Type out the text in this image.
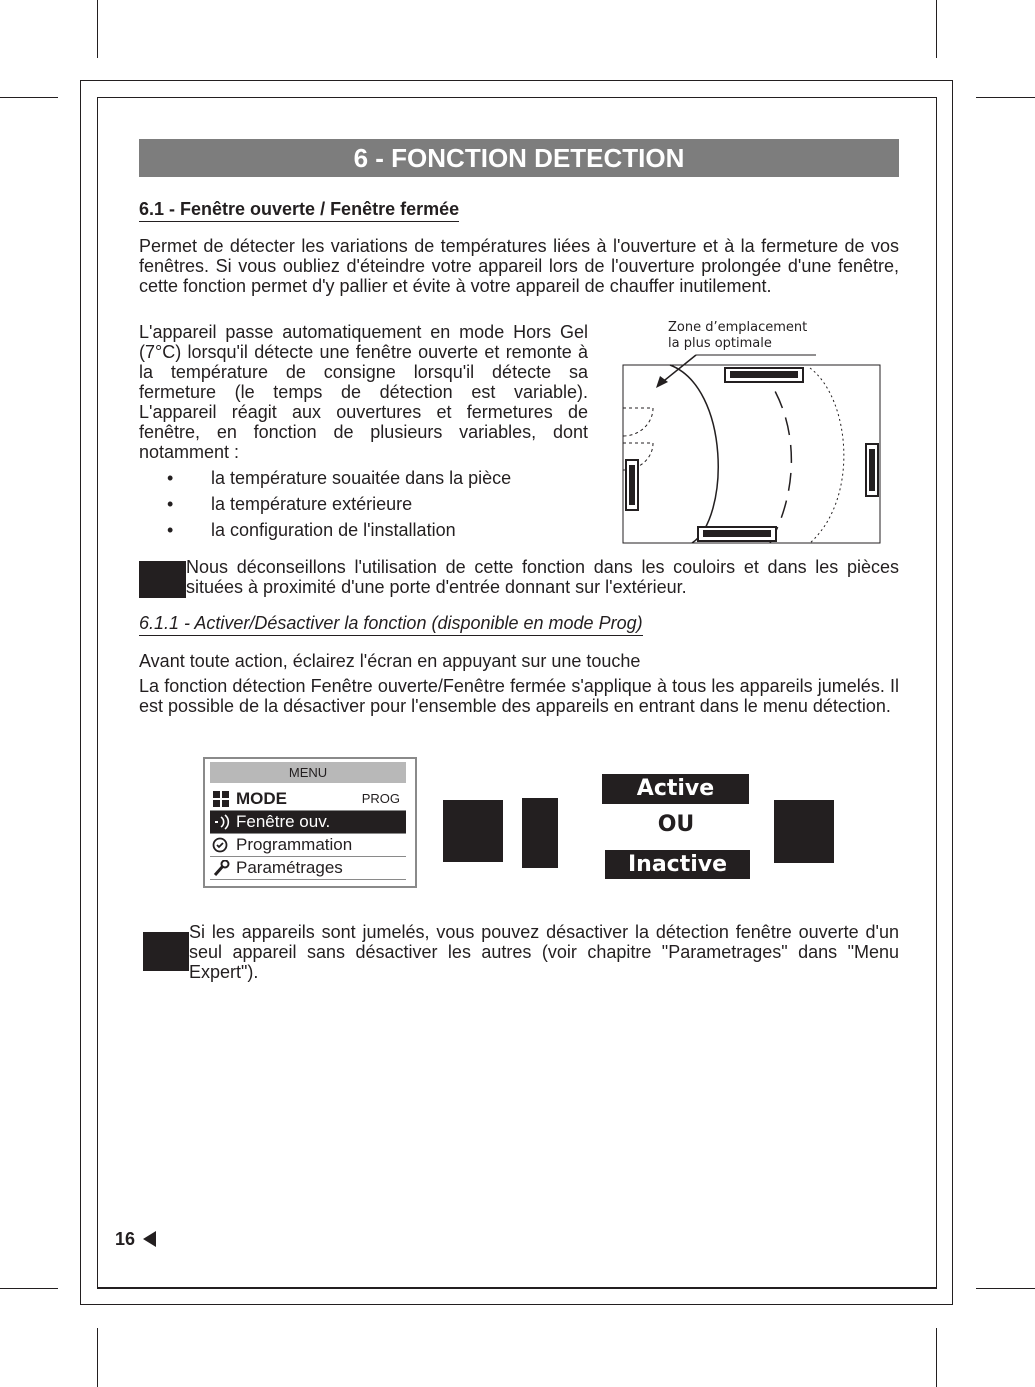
6 - FONCTION DETECTION
6.1 - Fenêtre ouverte / Fenêtre fermée

Permet de détecter les variations de températures liées à l'ouverture et à la fermeture de vos fenêtres. Si vous oubliez d'éteindre votre appareil lors de l'ouverture prolongée d'une fenêtre, cette fonction permet d'y pallier et évite à votre appareil de chauffer inutilement.

L'appareil passe automatiquement en mode Hors Gel (7°C) lorsqu'il détecte une fenêtre ouverte et remonte à la température de consigne lorsqu'il détecte sa fermeture (le temps de détection est variable). L'appareil réagit aux ouvertures et fermetures de fenêtre, en fonction de plusieurs variables, dont notamment :

• la température souaitée dans la pièce
• la température extérieure
• la configuration de l'installation
Zone d’emplacement
la plus optimale

Nous déconseillons l'utilisation de cette fonction dans les couloirs et dans les pièces situées à proximité d'une porte d'entrée donnant sur l'extérieur.

6.1.1 - Activer/Désactiver la fonction (disponible en mode Prog)

Avant toute action, éclairez l'écran en appuyant sur une touche

La fonction détection Fenêtre ouverte/Fenêtre fermée s'applique à tous les appareils jumelés. Il est possible de la désactiver pour l'ensemble des appareils en entrant dans le menu détection.

MENU
MODE	PROG
Fenêtre ouv.
Programmation
Paramétrages
Active
OU
Inactive

Si les appareils sont jumelés, vous pouvez désactiver la détection fenêtre ouverte d'un seul appareil sans désactiver les autres (voir chapitre "Parametrages" dans "Menu Expert").

16
